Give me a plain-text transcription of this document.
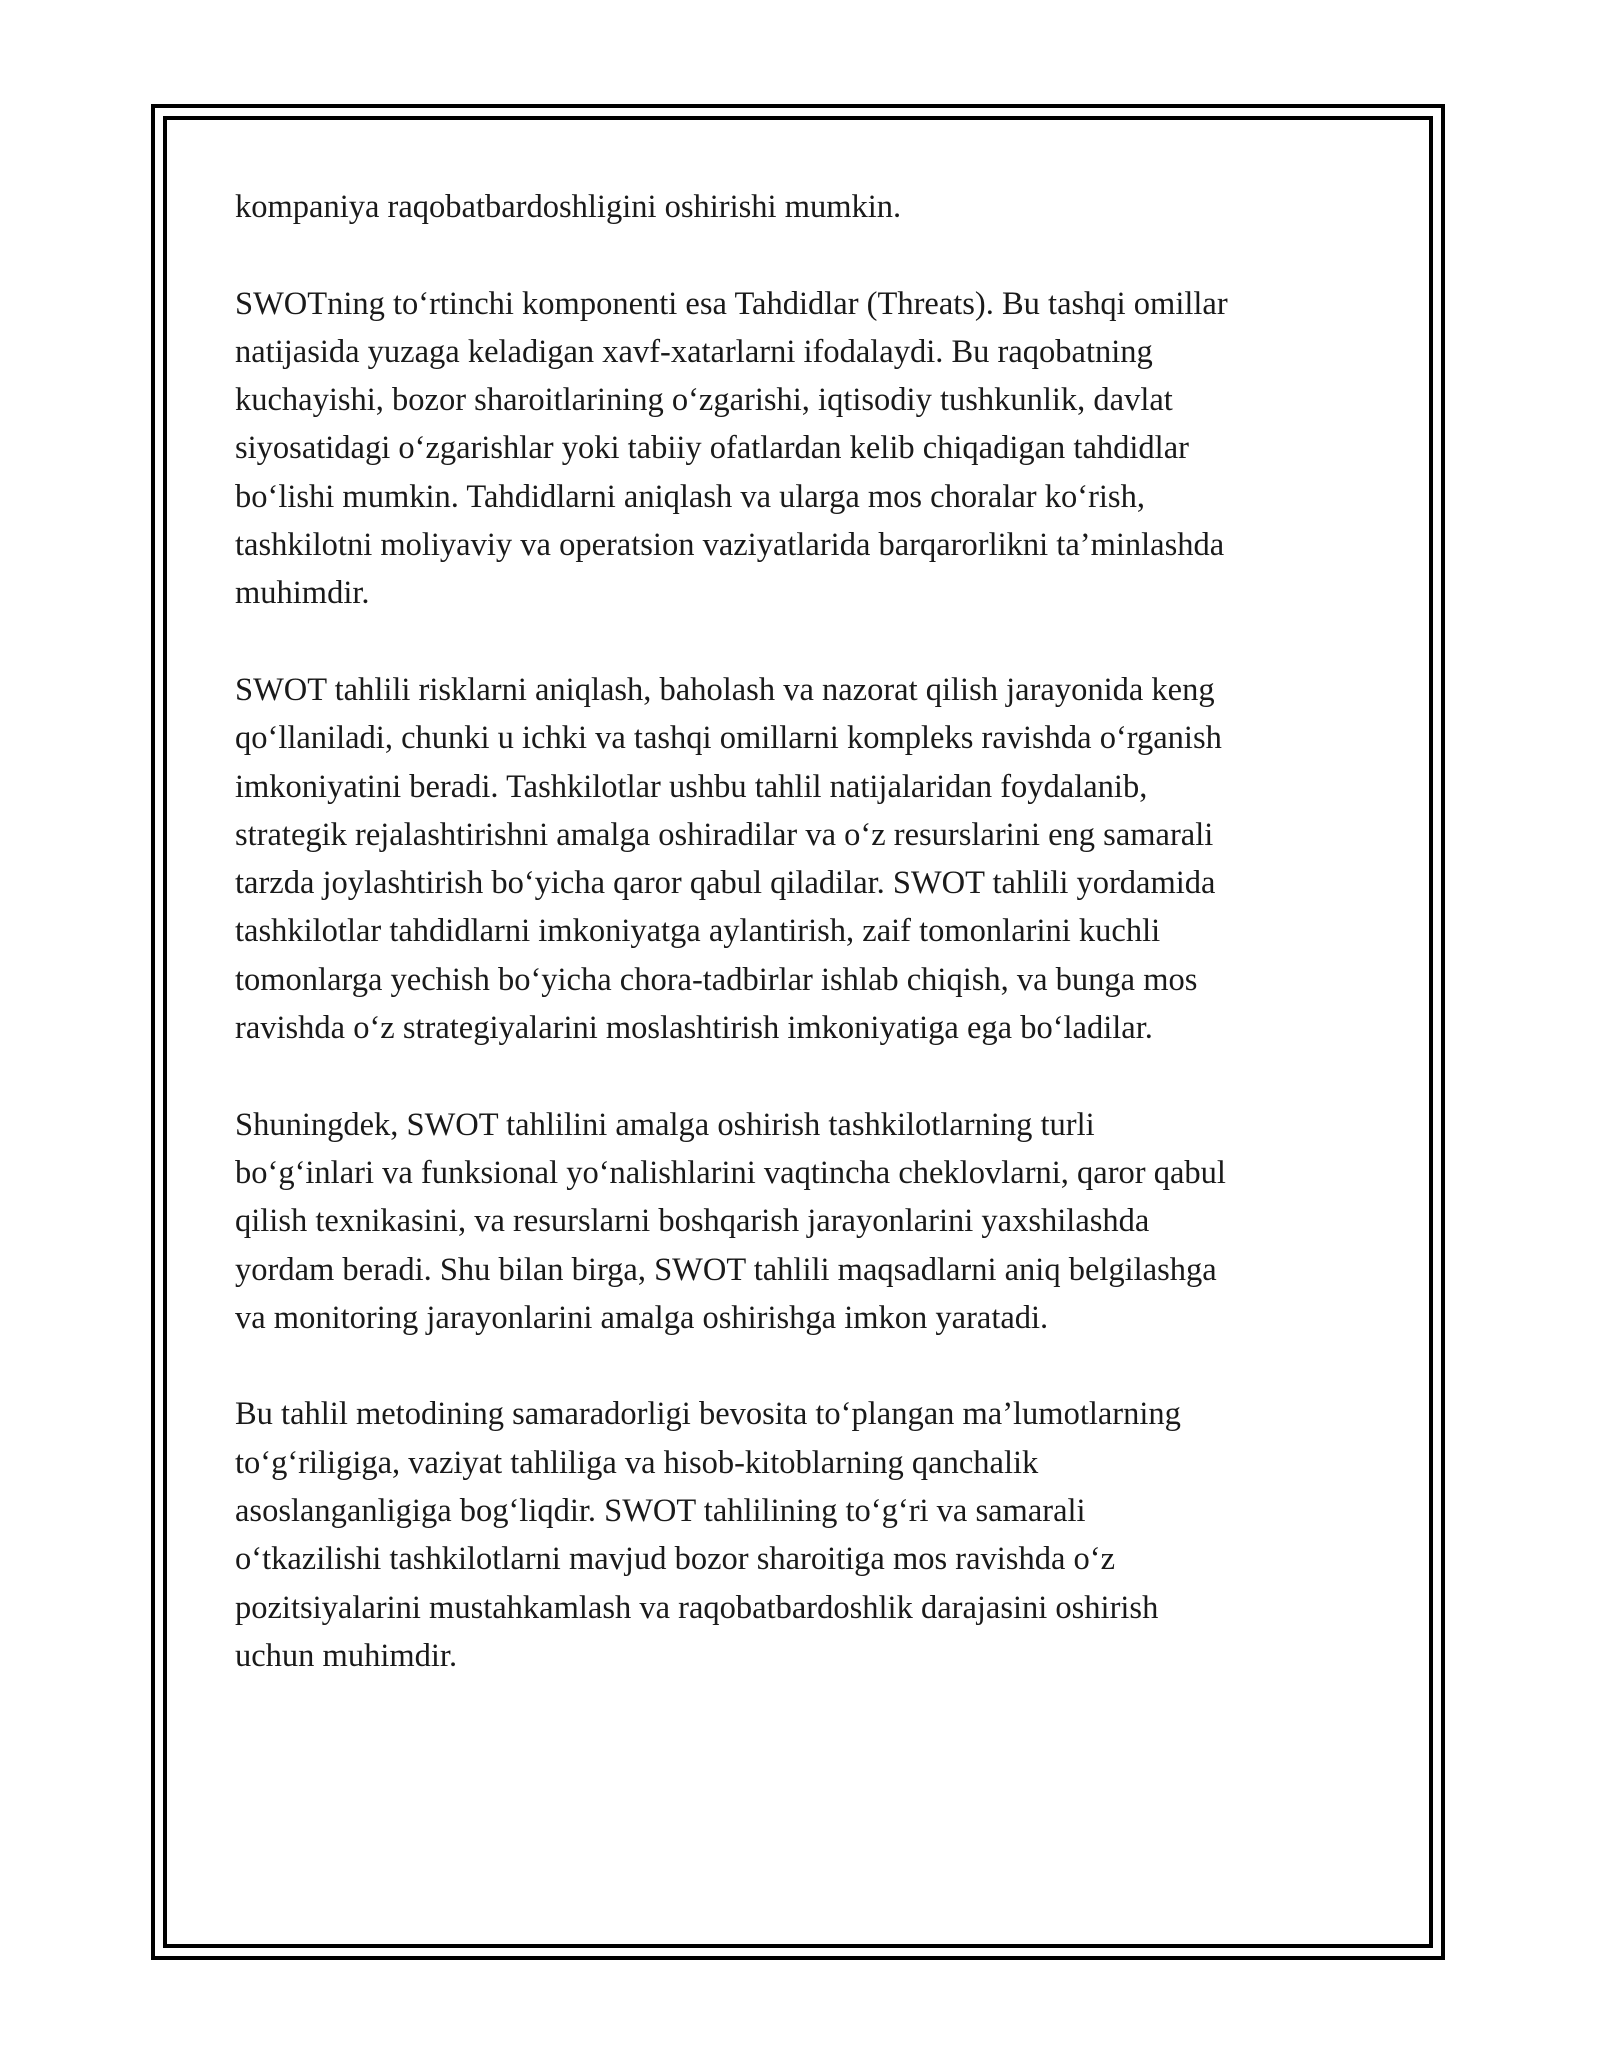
kompaniya raqobatbardoshligini oshirishi mumkin.

SWOTning to‘rtinchi komponenti esa Tahdidlar (Threats). Bu tashqi omillar
natijasida yuzaga keladigan xavf-xatarlarni ifodalaydi. Bu raqobatning
kuchayishi, bozor sharoitlarining o‘zgarishi, iqtisodiy tushkunlik, davlat
siyosatidagi o‘zgarishlar yoki tabiiy ofatlardan kelib chiqadigan tahdidlar
bo‘lishi mumkin. Tahdidlarni aniqlash va ularga mos choralar ko‘rish,
tashkilotni moliyaviy va operatsion vaziyatlarida barqarorlikni ta’minlashda
muhimdir.

SWOT tahlili risklarni aniqlash, baholash va nazorat qilish jarayonida keng
qo‘llaniladi, chunki u ichki va tashqi omillarni kompleks ravishda o‘rganish
imkoniyatini beradi. Tashkilotlar ushbu tahlil natijalaridan foydalanib,
strategik rejalashtirishni amalga oshiradilar va o‘z resurslarini eng samarali
tarzda joylashtirish bo‘yicha qaror qabul qiladilar. SWOT tahlili yordamida
tashkilotlar tahdidlarni imkoniyatga aylantirish, zaif tomonlarini kuchli
tomonlarga yechish bo‘yicha chora-tadbirlar ishlab chiqish, va bunga mos
ravishda o‘z strategiyalarini moslashtirish imkoniyatiga ega bo‘ladilar.

Shuningdek, SWOT tahlilini amalga oshirish tashkilotlarning turli
bo‘g‘inlari va funksional yo‘nalishlarini vaqtincha cheklovlarni, qaror qabul
qilish texnikasini, va resurslarni boshqarish jarayonlarini yaxshilashda
yordam beradi. Shu bilan birga, SWOT tahlili maqsadlarni aniq belgilashga
va monitoring jarayonlarini amalga oshirishga imkon yaratadi.

Bu tahlil metodining samaradorligi bevosita to‘plangan ma’lumotlarning
to‘g‘riligiga, vaziyat tahliliga va hisob-kitoblarning qanchalik
asoslanganligiga bog‘liqdir. SWOT tahlilining to‘g‘ri va samarali
o‘tkazilishi tashkilotlarni mavjud bozor sharoitiga mos ravishda o‘z
pozitsiyalarini mustahkamlash va raqobatbardoshlik darajasini oshirish
uchun muhimdir.
